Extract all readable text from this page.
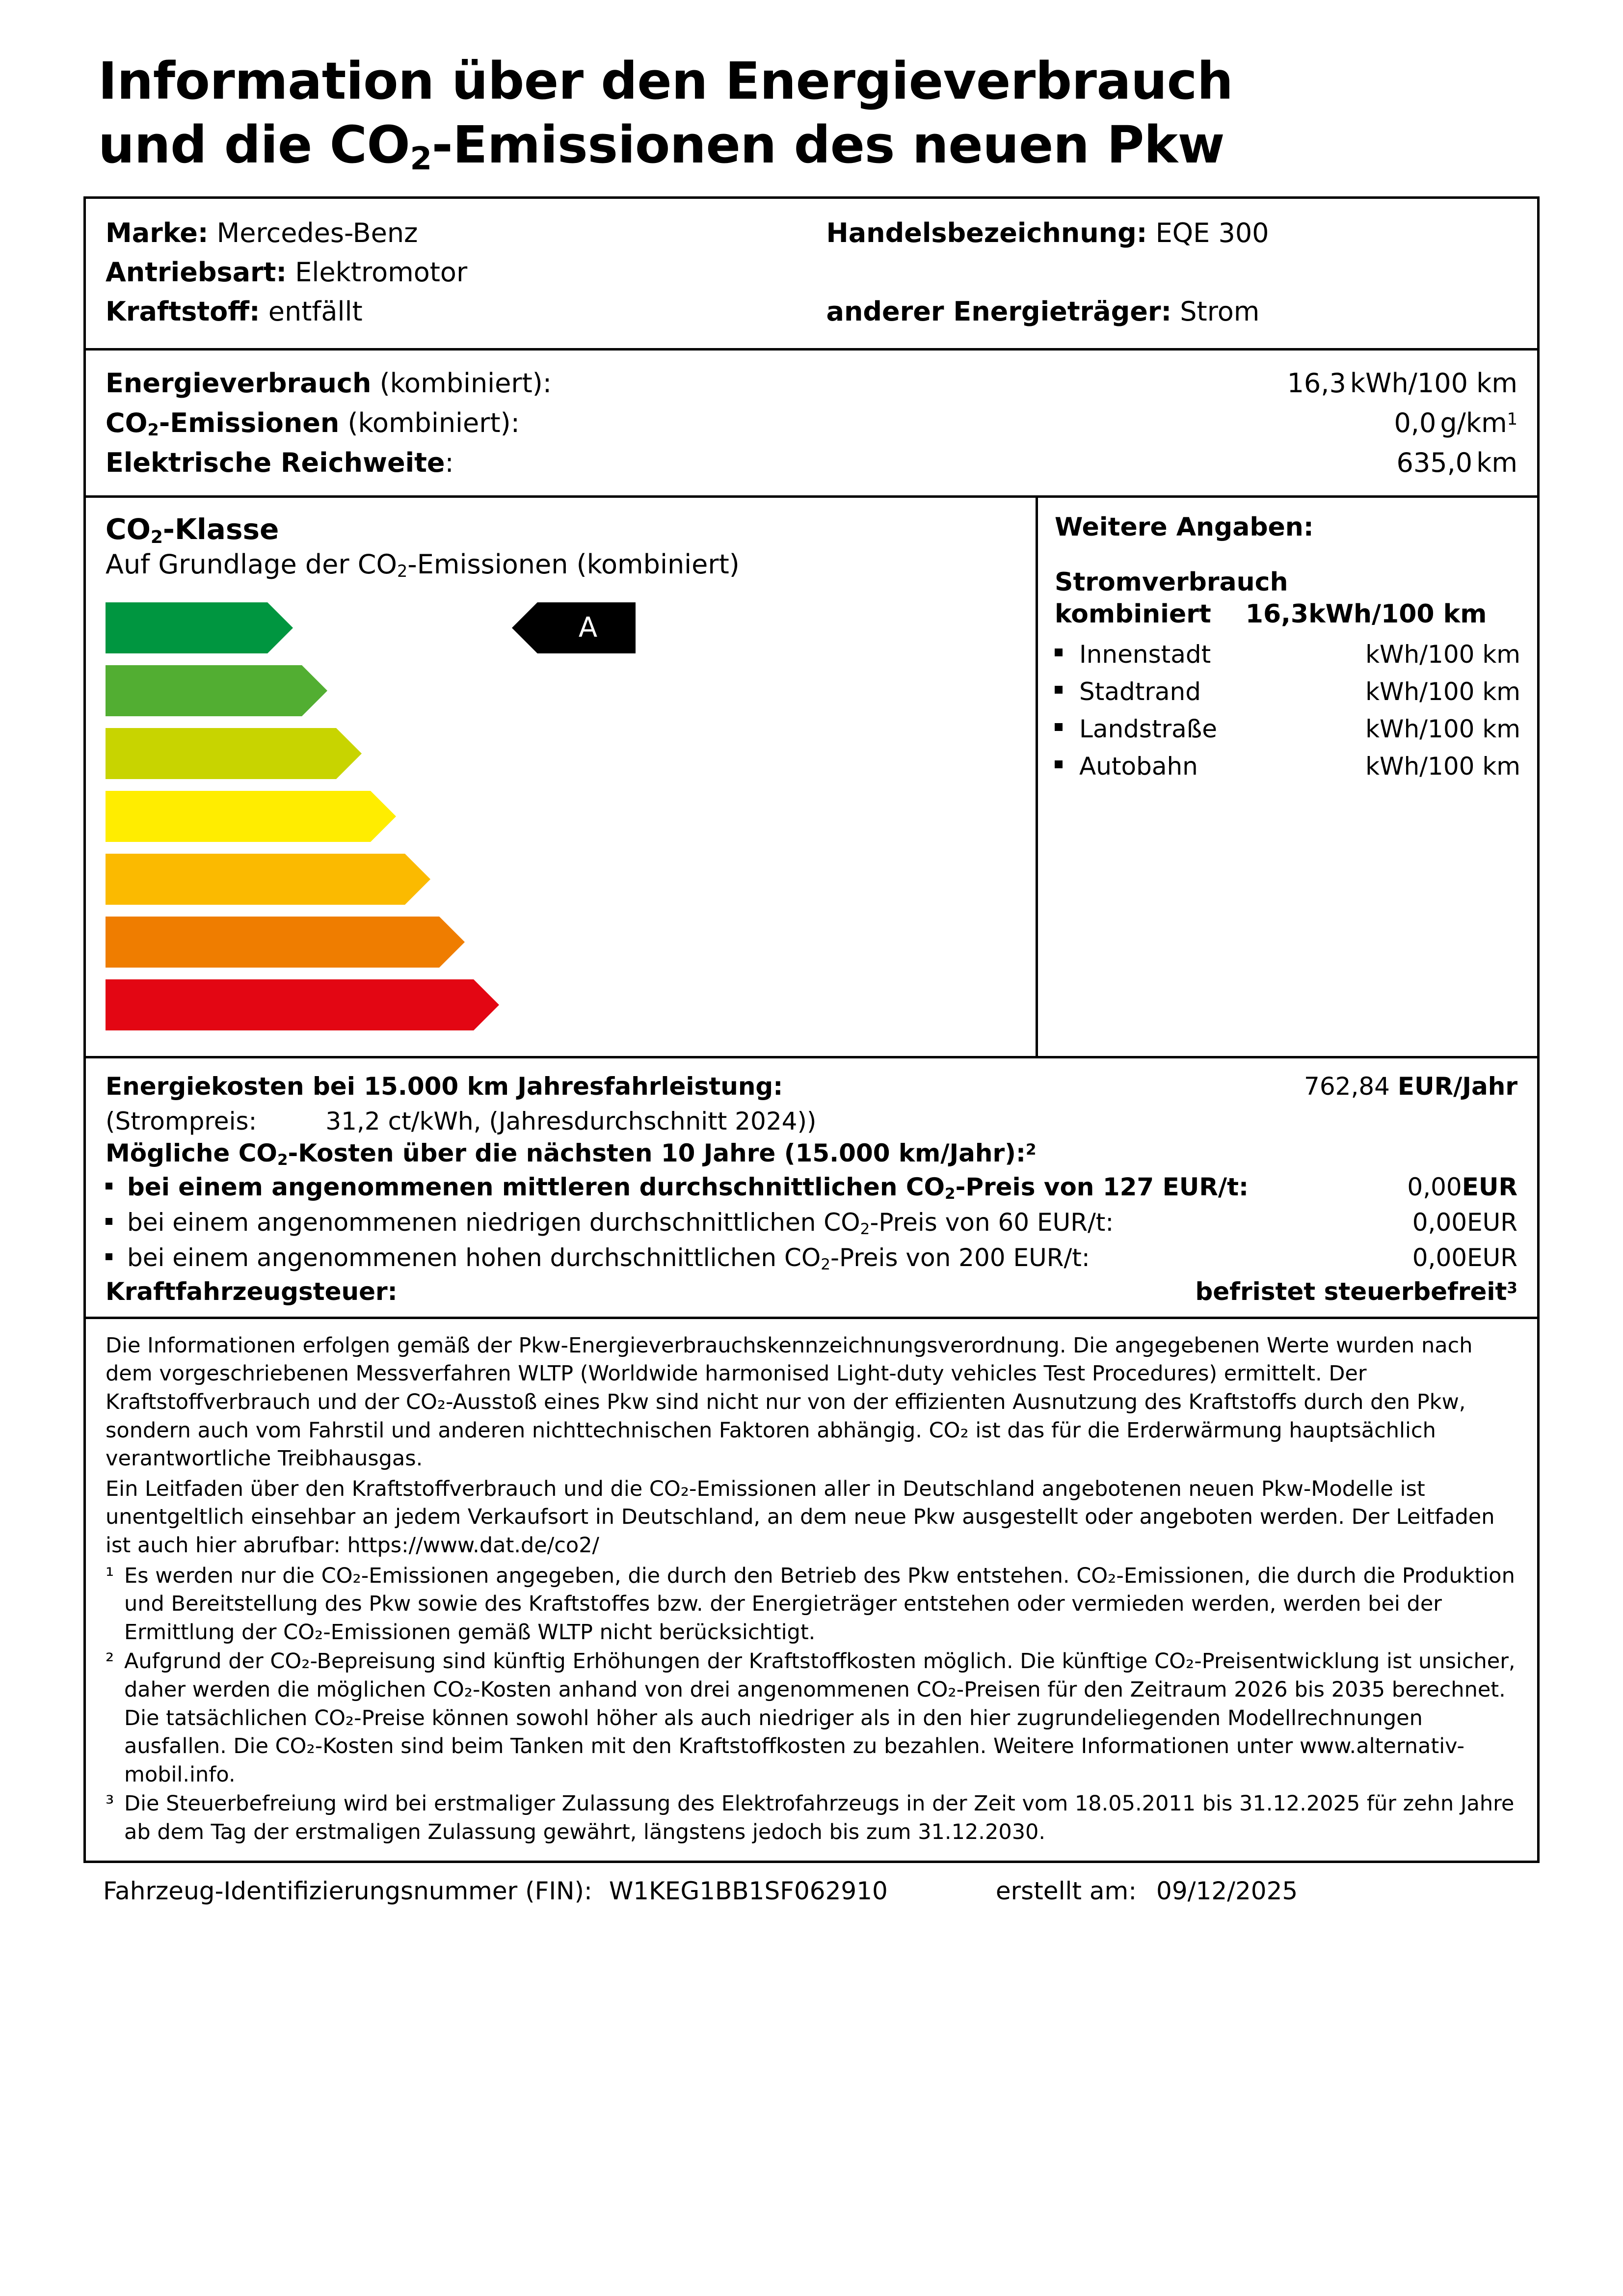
Information über den Energieverbrauch
und die $CO_2$-Emissionen des neuen Pkw
Marke: Mercedes-Benz	Handelsbezeichnung: EQE 300
Antriebsart: Elektromotor
Kraftstoff: entfällt	anderer Energieträger: Strom
Energieverbrauch (kombiniert):	16,3 kWh/100 km
$CO_2$-Emissionen (kombiniert):	0,0 $g/km^1$
Elektrische Reichweite:	635,0 km
$CO_2$-Klasse
Auf Grundlage der $CO_2$-Emissionen (kombiniert)
A	A
B
C
D
E
F
G
Weitere Angaben:
Stromverbrauch
kombiniert 16,3 kWh/100 km
Innenstadt	kWh/100 km
Stadtrand	kWh/100 km
Landstraße	kWh/100 km
Autobahn	kWh/100 km
Energiekosten bei 15.000 km Jahresfahrleistung:	762,84 EUR/Jahr
(Strompreis:	31,2 ct/kWh, (Jahresdurchschnitt 2024))
Mögliche $CO_2$-Kosten über die nächsten 10 Jahre (15.000 km/Jahr):$^2$
bei einem angenommenen mittleren durchschnittlichen $CO_2$-Preis von 127 EUR/t:	0,00EUR
bei einem angenommenen niedrigen durchschnittlichen $CO_2$-Preis von 60 EUR/t:	0,00EUR
bei einem angenommenen hohen durchschnittlichen $CO_2$-Preis von 200 EUR/t:	0,00EUR
Kraftfahrzeugsteuer:	befristet steuerbefreit$^3$

Die Informationen erfolgen gemäß der Pkw-Energieverbrauchskennzeichnungsverordnung. Die angegebenen Werte wurden nach dem vorgeschriebenen Messverfahren WLTP (Worldwide harmonised Light-duty vehicles Test Procedures) ermittelt. Der Kraftstoffverbrauch und der CO₂-Ausstoß eines Pkw sind nicht nur von der effizienten Ausnutzung des Kraftstoffs durch den Pkw, sondern auch vom Fahrstil und anderen nichttechnischen Faktoren abhängig. CO₂ ist das für die Erderwärmung hauptsächlich verantwortliche Treibhausgas.

Ein Leitfaden über den Kraftstoffverbrauch und die CO₂-Emissionen aller in Deutschland angebotenen neuen Pkw-Modelle ist unentgeltlich einsehbar an jedem Verkaufsort in Deutschland, an dem neue Pkw ausgestellt oder angeboten werden. Der Leitfaden ist auch hier abrufbar: https://www.dat.de/co2/

¹ Es werden nur die CO₂-Emissionen angegeben, die durch den Betrieb des Pkw entstehen. CO₂-Emissionen, die durch die Produktion und Bereitstellung des Pkw sowie des Kraftstoffes bzw. der Energieträger entstehen oder vermieden werden, werden bei der Ermittlung der CO₂-Emissionen gemäß WLTP nicht berücksichtigt.
² Aufgrund der CO₂-Bepreisung sind künftig Erhöhungen der Kraftstoffkosten möglich. Die künftige CO₂-Preisentwicklung ist unsicher, daher werden die möglichen CO₂-Kosten anhand von drei angenommenen CO₂-Preisen für den Zeitraum 2026 bis 2035 berechnet. Die tatsächlichen CO₂-Preise können sowohl höher als auch niedriger als in den hier zugrundeliegenden Modellrechnungen ausfallen. Die CO₂-Kosten sind beim Tanken mit den Kraftstoffkosten zu bezahlen. Weitere Informationen unter www.alternativ-mobil.info.
³ Die Steuerbefreiung wird bei erstmaliger Zulassung des Elektrofahrzeugs in der Zeit vom 18.05.2011 bis 31.12.2025 für zehn Jahre ab dem Tag der erstmaligen Zulassung gewährt, längstens jedoch bis zum 31.12.2030.
Fahrzeug-Identifizierungsnummer (FIN): W1KEG1BB1SF062910	erstellt am: 09/12/2025
